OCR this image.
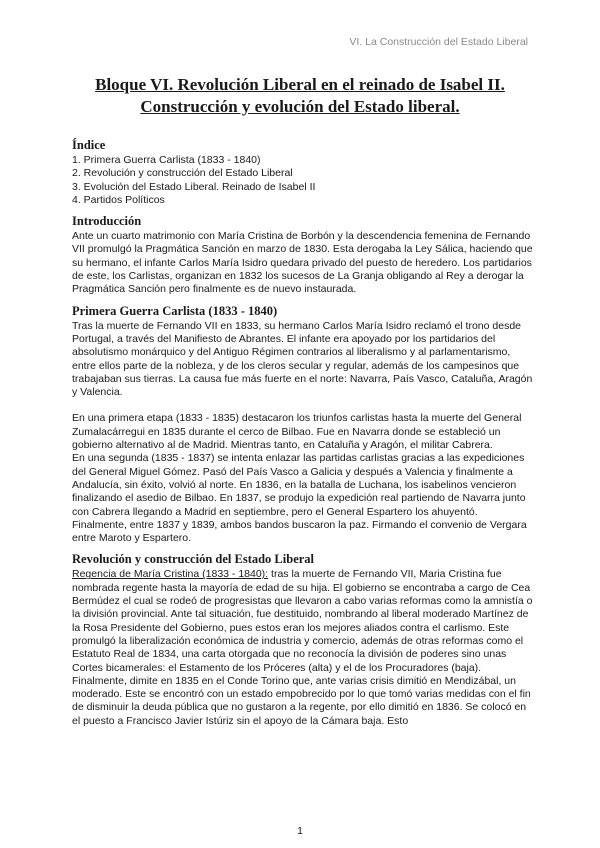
VI. La Construcción del Estado Liberal
Bloque VI. Revolución Liberal en el reinado de Isabel II.
Construcción y evolución del Estado liberal.
Índice
1. Primera Guerra Carlista (1833 - 1840)
2. Revolución y construcción del Estado Liberal
3. Evolución del Estado Liberal. Reinado de Isabel II
4. Partidos Políticos
Introducción

Ante un cuarto matrimonio con María Cristina de Borbón y la descendencia femenina de Fernando VII promulgó la Pragmática Sanción en marzo de 1830. Esta derogaba la Ley Sálica, haciendo que su hermano, el infante Carlos María Isidro quedara privado del puesto de heredero. Los partidarios de este, los Carlistas, organizan en 1832 los sucesos de La Granja obligando al Rey a derogar la Pragmática Sanción pero finalmente es de nuevo instaurada.

Primera Guerra Carlista (1833 - 1840)

Tras la muerte de Fernando VII en 1833, su hermano Carlos María Isidro reclamó el trono desde Portugal, a través del Manifiesto de Abrantes. El infante era apoyado por los partidarios del absolutismo monárquico y del Antiguo Régimen contrarios al liberalismo y al parlamentarismo, entre ellos parte de la nobleza, y de los cleros secular y regular, además de los campesinos que trabajaban sus tierras. La causa fue más fuerte en el norte: Navarra, País Vasco, Cataluña, Aragón y Valencia.

En una primera etapa (1833 - 1835) destacaron los triunfos carlistas hasta la muerte del General Zumalacárregui en 1835 durante el cerco de Bilbao. Fue en Navarra donde se estableció un gobierno alternativo al de Madrid. Mientras tanto, en Cataluña y Aragón, el militar Cabrera.

En una segunda (1835 - 1837) se intenta enlazar las partidas carlistas gracias a las expediciones del General Miguel Gómez. Pasó del País Vasco a Galicia y después a Valencia y finalmente a Andalucía, sin éxito, volvió al norte. En 1836, en la batalla de Luchana, los isabelinos vencieron finalizando el asedio de Bilbao. En 1837, se produjo la expedición real partiendo de Navarra junto con Cabrera llegando a Madrid en septiembre, pero el General Espartero los ahuyentó.

Finalmente, entre 1837 y 1839, ambos bandos buscaron la paz. Firmando el convenio de Vergara entre Maroto y Espartero.

Revolución y construcción del Estado Liberal

Regencia de María Cristina (1833 - 1840): tras la muerte de Fernando VII, Maria Cristina fue nombrada regente hasta la mayoría de edad de su hija. El gobierno se encontraba a cargo de Cea Bermúdez el cual se rodeó de progresistas que llevaron a cabo varias reformas como la amnistía o la división provincial. Ante tal situación, fue destituido, nombrando al liberal moderado Martínez de la Rosa Presidente del Gobierno, pues estos eran los mejores aliados contra el carlismo. Este promulgó la liberalización económica de industria y comercio, además de otras reformas como el Estatuto Real de 1834, una carta otorgada que no reconocía la división de poderes sino unas Cortes bicamerales: el Estamento de los Próceres (alta) y el de los Procuradores (baja).

Finalmente, dimite en 1835 en el Conde Torino que, ante varias crisis dimitió en Mendizábal, un moderado. Este se encontró con un estado empobrecido por lo que tomó varias medidas con el fin de disminuir la deuda pública que no gustaron a la regente, por ello dimitió en 1836. Se colocó en el puesto a Francisco Javier Istúriz sin el apoyo de la Cámara baja. Esto

1
